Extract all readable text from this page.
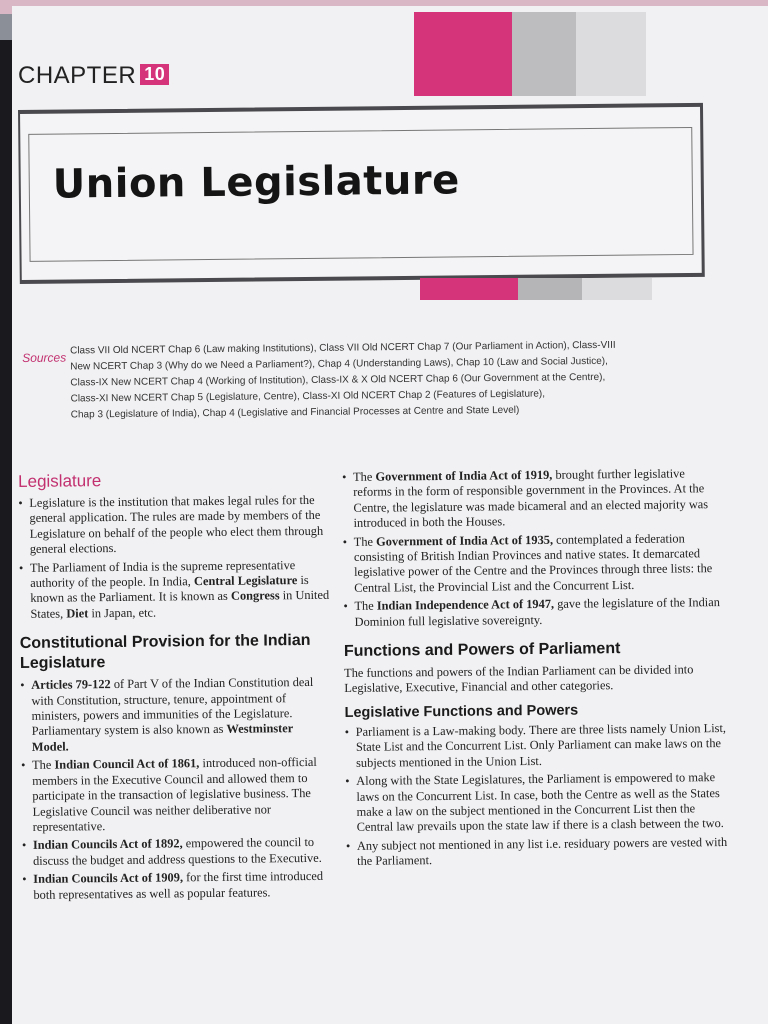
CHAPTER 10
Union Legislature
Sources

Class VII Old NCERT Chap 6 (Law making Institutions), Class VII Old NCERT Chap 7 (Our Parliament in Action), Class-VIII

New NCERT Chap 3 (Why do we Need a Parliament?), Chap 4 (Understanding Laws), Chap 10 (Law and Social Justice),

Class-IX New NCERT Chap 4 (Working of Institution), Class-IX & X Old NCERT Chap 6 (Our Government at the Centre),

Class-XI New NCERT Chap 5 (Legislature, Centre), Class-XI Old NCERT Chap 2 (Features of Legislature),

Chap 3 (Legislature of India), Chap 4 (Legislative and Financial Processes at Centre and State Level)

Legislature
• Legislature is the institution that makes legal rules for the general application. The rules are made by members of the Legislature on behalf of the people who elect them through general elections.
• The Parliament of India is the supreme representative authority of the people. In India, Central Legislature is known as the Parliament. It is known as Congress in United States, Diet in Japan, etc.
Constitutional Provision for the Indian Legislature
• Articles 79-122 of Part V of the Indian Constitution deal with Constitution, structure, tenure, appointment of ministers, powers and immunities of the Legislature. Parliamentary system is also known as Westminster Model.
• The Indian Council Act of 1861, introduced non-official members in the Executive Council and allowed them to participate in the transaction of legislative business. The Legislative Council was neither deliberative nor representative.
• Indian Councils Act of 1892, empowered the council to discuss the budget and address questions to the Executive.
• Indian Councils Act of 1909, for the first time introduced both representatives as well as popular features.
• The Government of India Act of 1919, brought further legislative reforms in the form of responsible government in the Provinces. At the Centre, the legislature was made bicameral and an elected majority was introduced in both the Houses.
• The Government of India Act of 1935, contemplated a federation consisting of British Indian Provinces and native states. It demarcated legislative power of the Centre and the Provinces through three lists: the Central List, the Provincial List and the Concurrent List.
• The Indian Independence Act of 1947, gave the legislature of the Indian Dominion full legislative sovereignty.
Functions and Powers of Parliament

The functions and powers of the Indian Parliament can be divided into Legislative, Executive, Financial and other categories.

Legislative Functions and Powers
• Parliament is a Law-making body. There are three lists namely Union List, State List and the Concurrent List. Only Parliament can make laws on the subjects mentioned in the Union List.
• Along with the State Legislatures, the Parliament is empowered to make laws on the Concurrent List. In case, both the Centre as well as the States make a law on the subject mentioned in the Concurrent List then the Central law prevails upon the state law if there is a clash between the two.
• Any subject not mentioned in any list i.e. residuary powers are vested with the Parliament.
